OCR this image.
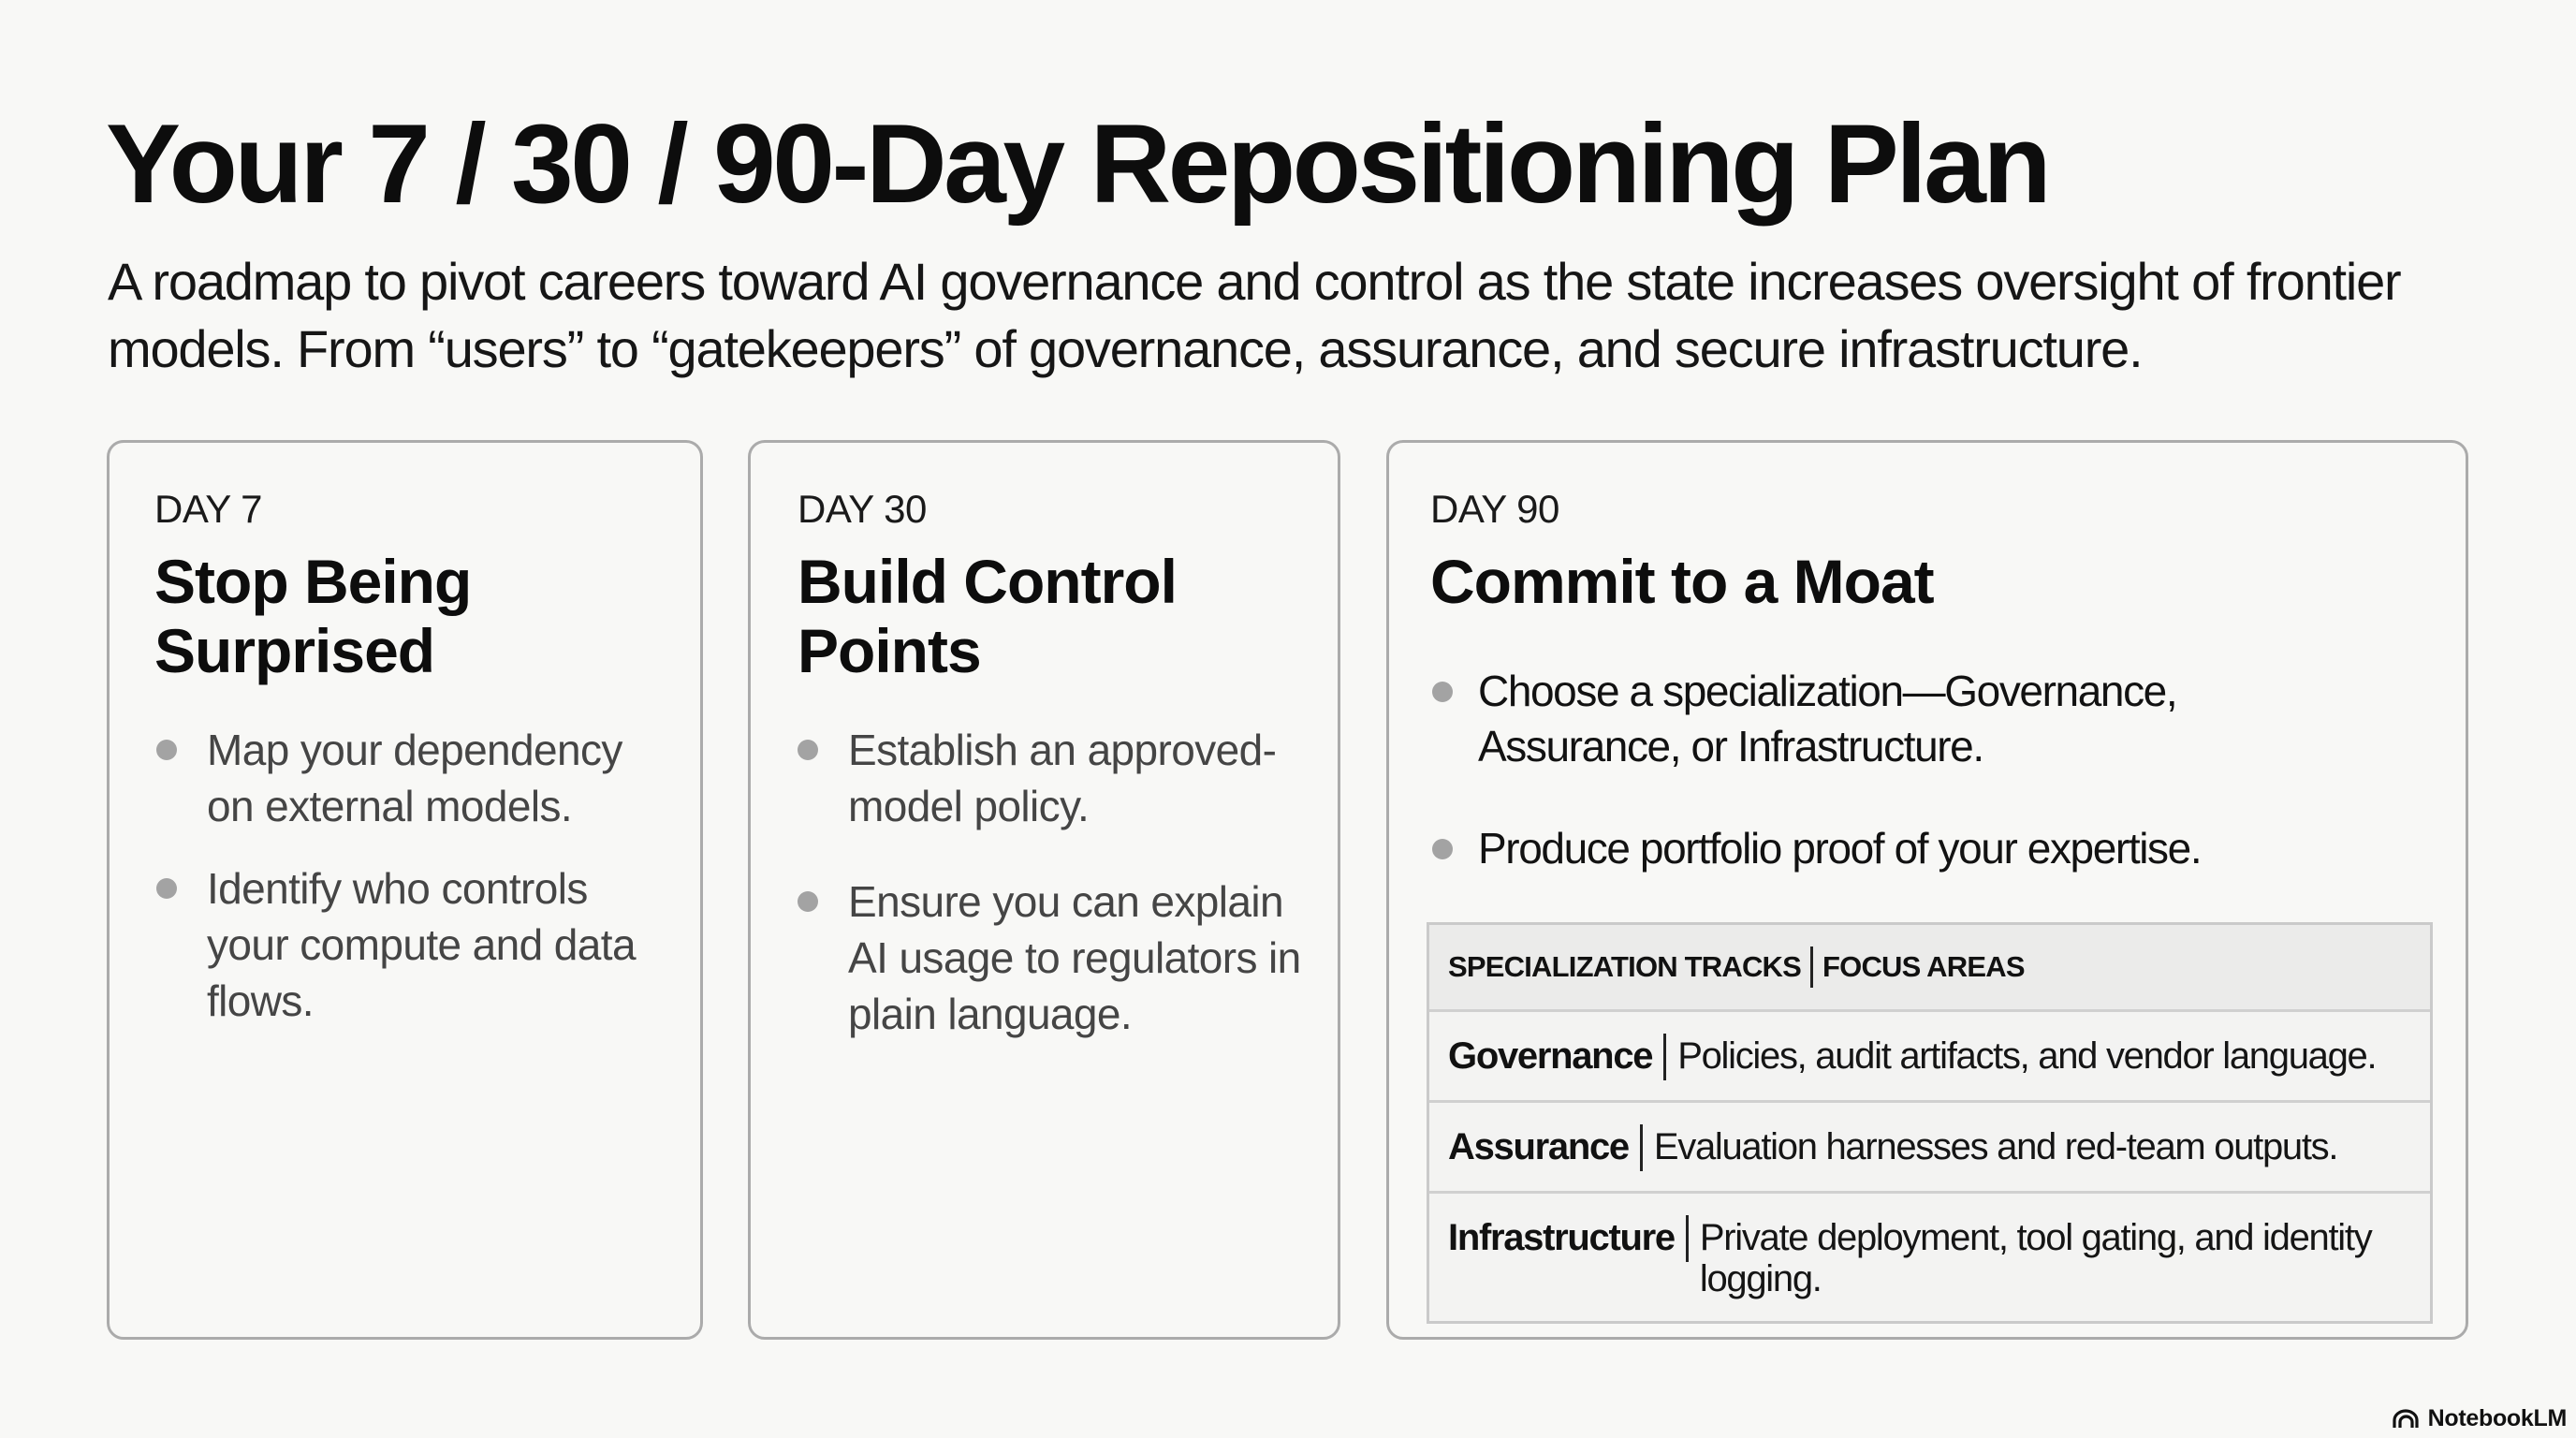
Your 7 / 30 / 90-Day Repositioning Plan

A roadmap to pivot careers toward AI governance and control as the state increases oversight of frontier models. From “users” to “gatekeepers” of governance, assurance, and secure infrastructure.

DAY 7
Stop Being Surprised
Map your dependency on external models.
Identify who controls your compute and data flows.
DAY 30
Build Control Points
Establish an approved-model policy.
Ensure you can explain AI usage to regulators in plain language.
DAY 90
Commit to a Moat
Choose a specialization—Governance, Assurance, or Infrastructure.
Produce portfolio proof of your expertise.
SPECIALIZATION TRACKS FOCUS AREAS
Governance Policies, audit artifacts, and vendor language.
Assurance Evaluation harnesses and red-team outputs.
Infrastructure Private deployment, tool gating, and identity logging.
NotebookLM
